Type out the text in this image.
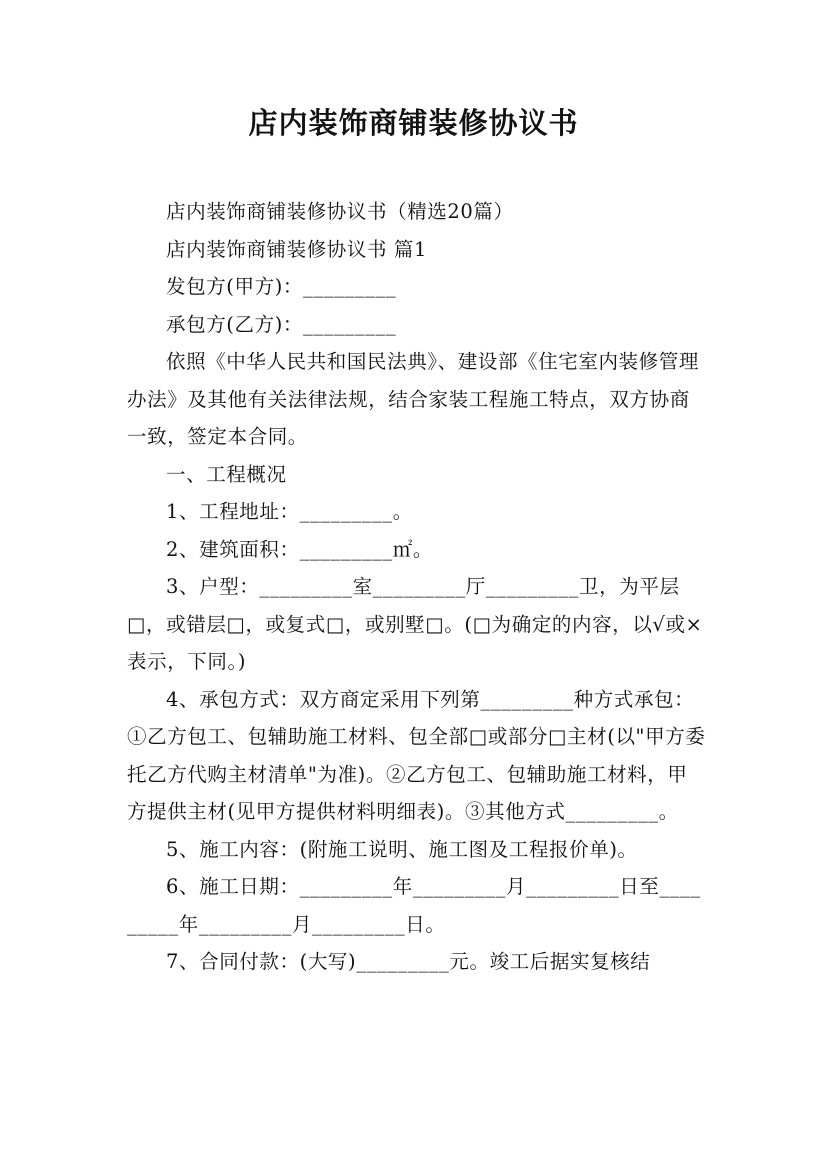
店内装饰商铺装修协议书

店内装饰商铺装修协议书（精选20篇）

店内装饰商铺装修协议书 篇1

发包方(甲方)：_________

承包方(乙方)：_________

依照《中华人民共和国民法典》、建设部《住宅室内装修管理办法》及其他有关法律法规，结合家装工程施工特点，双方协商一致，签定本合同。

一、工程概况

1、工程地址：_________。

2、建筑面积：_________㎡。

3、户型：_________室_________厅_________卫，为平层□，或错层□，或复式□，或别墅□。(□为确定的内容，以√或×表示，下同。)

4、承包方式：双方商定采用下列第_________种方式承包：①乙方包工、包辅助施工材料、包全部□或部分□主材(以"甲方委托乙方代购主材清单"为准)。②乙方包工、包辅助施工材料，甲方提供主材(见甲方提供材料明细表)。③其他方式_________。

5、施工内容：(附施工说明、施工图及工程报价单)。

6、施工日期：_________年_________月_________日至_________年_________月_________日。

7、合同付款：(大写)_________元。竣工后据实复核结
